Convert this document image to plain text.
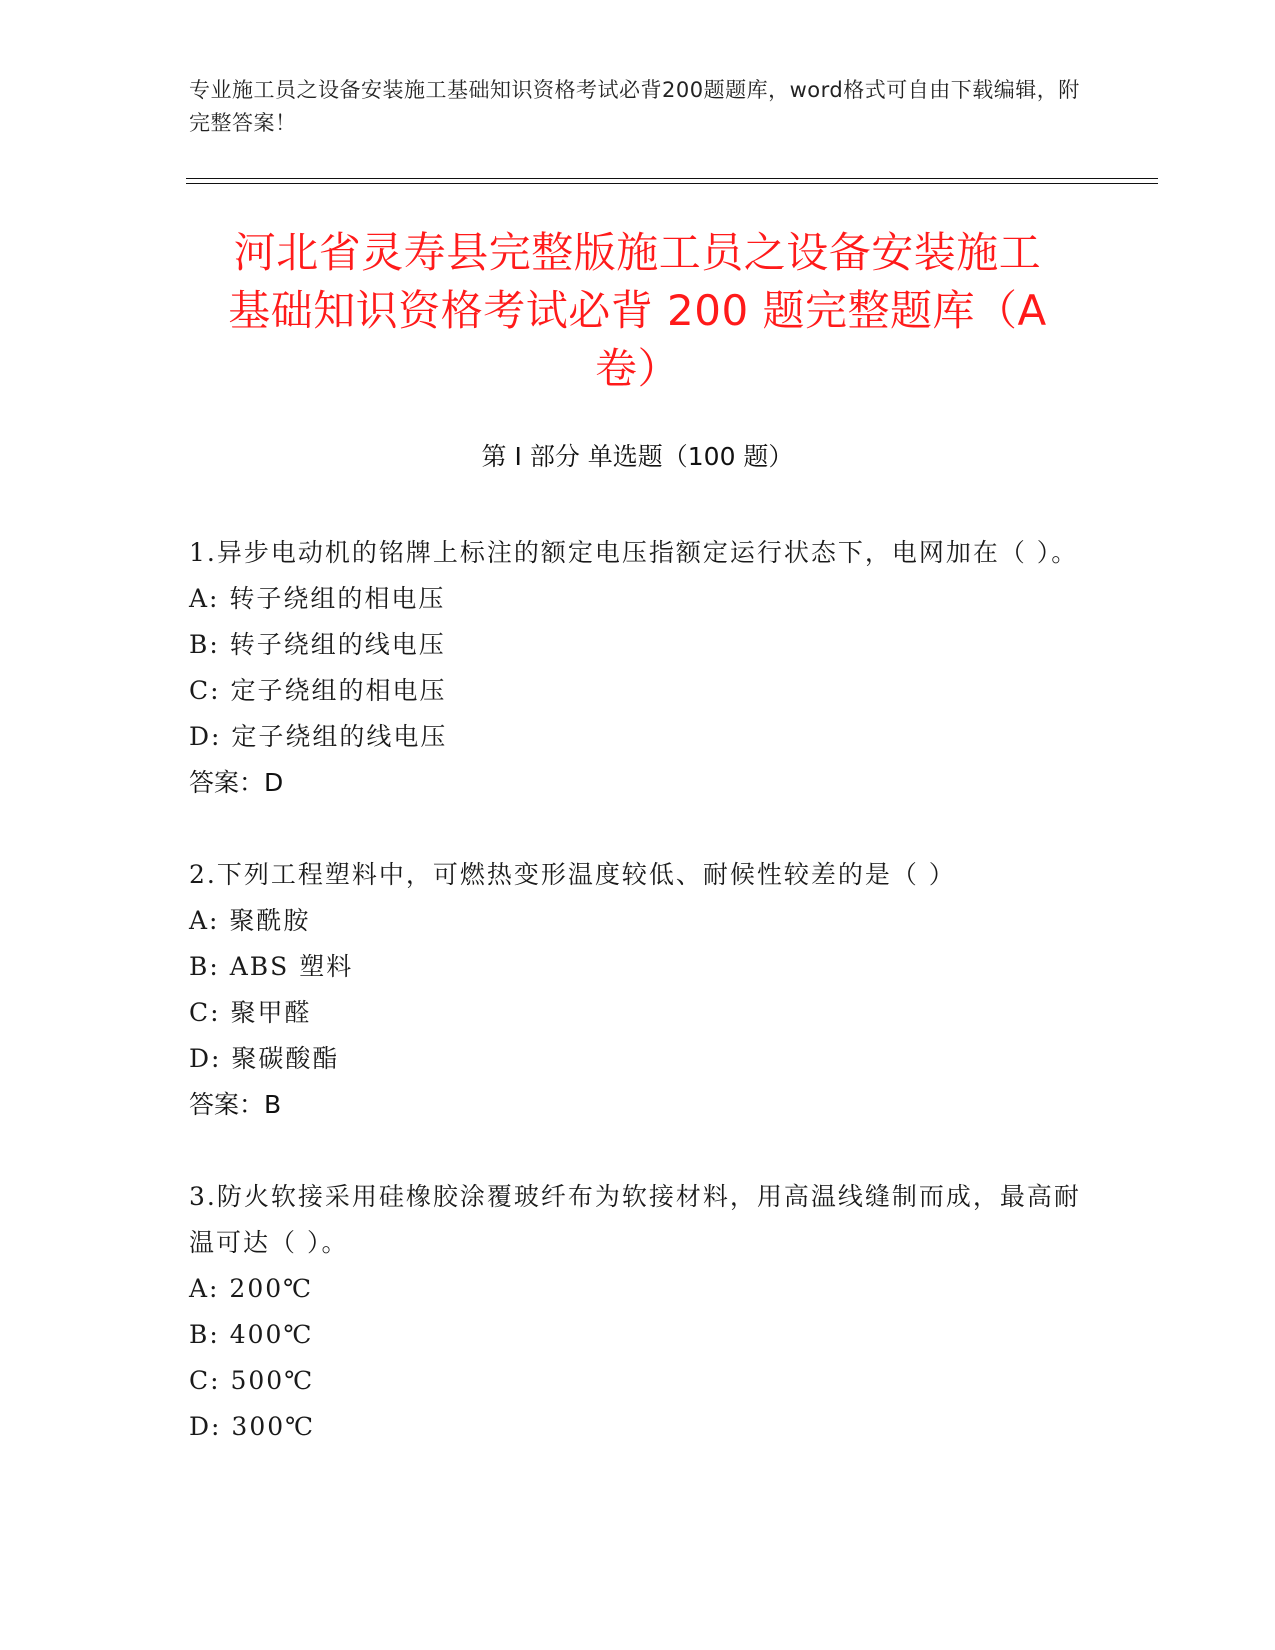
专业施工员之设备安装施工基础知识资格考试必背200题题库，word格式可自由下载编辑，附完整答案！
河北省灵寿县完整版施工员之设备安装施工
基础知识资格考试必背 200 题完整题库（A
卷）
第 I 部分 单选题（100 题）
1.异步电动机的铭牌上标注的额定电压指额定运行状态下，电网加在（ ）。
A: 转子绕组的相电压
B: 转子绕组的线电压
C: 定子绕组的相电压
D: 定子绕组的线电压
答案：D
2.下列工程塑料中，可燃热变形温度较低、耐候性较差的是（ ）
A: 聚酰胺
B: ABS 塑料
C: 聚甲醛
D: 聚碳酸酯
答案：B
3.防火软接采用硅橡胶涂覆玻纤布为软接材料，用高温线缝制而成，最高耐温可达（ ）。
A: 200℃
B: 400℃
C: 500℃
D: 300℃
